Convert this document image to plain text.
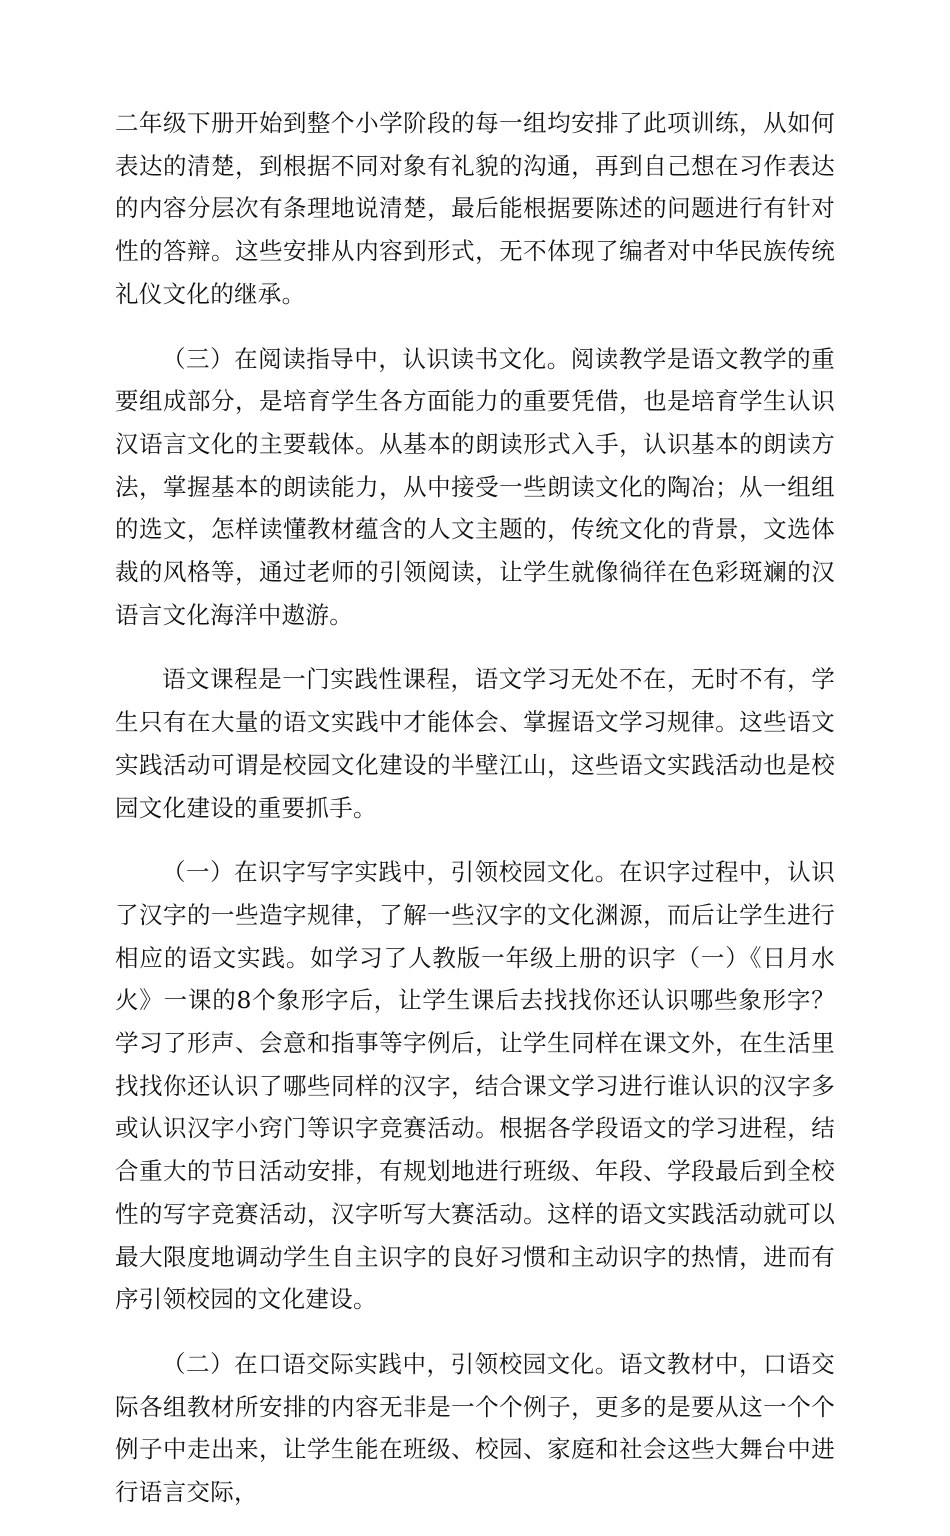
二年级下册开始到整个小学阶段的每一组均安排了此项训练，从如何表达的清楚，到根据不同对象有礼貌的沟通，再到自己想在习作表达的内容分层次有条理地说清楚，最后能根据要陈述的问题进行有针对性的答辩。这些安排从内容到形式，无不体现了编者对中华民族传统礼仪文化的继承。

（三）在阅读指导中，认识读书文化。阅读教学是语文教学的重要组成部分，是培育学生各方面能力的重要凭借，也是培育学生认识汉语言文化的主要载体。从基本的朗读形式入手，认识基本的朗读方法，掌握基本的朗读能力，从中接受一些朗读文化的陶冶；从一组组的选文，怎样读懂教材蕴含的人文主题的，传统文化的背景，文选体裁的风格等，通过老师的引领阅读，让学生就像徜徉在色彩斑斓的汉语言文化海洋中遨游。

语文课程是一门实践性课程，语文学习无处不在，无时不有，学生只有在大量的语文实践中才能体会、掌握语文学习规律。这些语文实践活动可谓是校园文化建设的半壁江山，这些语文实践活动也是校园文化建设的重要抓手。

（一）在识字写字实践中，引领校园文化。在识字过程中，认识了汉字的一些造字规律，了解一些汉字的文化渊源，而后让学生进行相应的语文实践。如学习了人教版一年级上册的识字（一）《日月水火》一课的8个象形字后，让学生课后去找找你还认识哪些象形字？学习了形声、会意和指事等字例后，让学生同样在课文外，在生活里找找你还认识了哪些同样的汉字，结合课文学习进行谁认识的汉字多或认识汉字小窍门等识字竞赛活动。根据各学段语文的学习进程，结合重大的节日活动安排，有规划地进行班级、年段、学段最后到全校性的写字竞赛活动，汉字听写大赛活动。这样的语文实践活动就可以最大限度地调动学生自主识字的良好习惯和主动识字的热情，进而有序引领校园的文化建设。

（二）在口语交际实践中，引领校园文化。语文教材中，口语交际各组教材所安排的内容无非是一个个例子，更多的是要从这一个个例子中走出来，让学生能在班级、校园、家庭和社会这些大舞台中进行语言交际，
